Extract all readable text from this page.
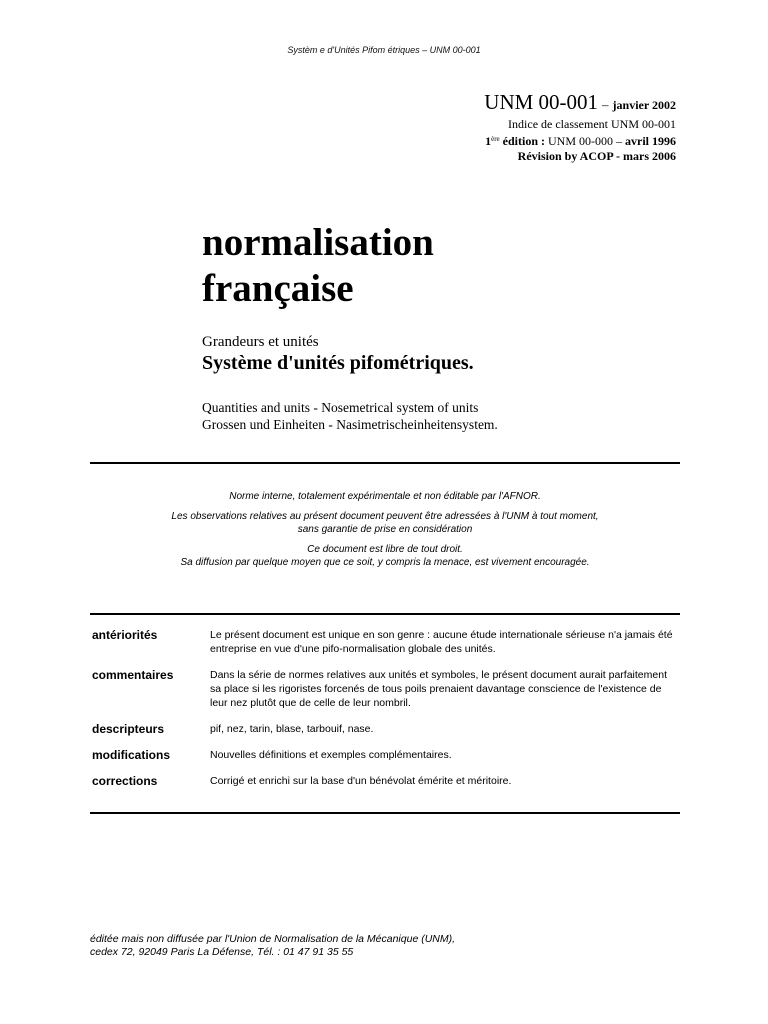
Systèm e d'Unités Pifom étriques – UNM 00-001
UNM 00-001 – janvier 2002
Indice de classement UNM 00-001
1ère édition : UNM 00-000 – avril 1996
Révision by ACOP - mars 2006
normalisation
française
Grandeurs et unités
Système d'unités pifométriques.
Quantities and units - Nosemetrical system of units
Grossen und Einheiten - Nasimetrischeinheitensystem.

Norme interne, totalement expérimentale et non éditable par l'AFNOR.

Les observations relatives au présent document peuvent être adressées à l'UNM à tout moment,
sans garantie de prise en considération

Ce document est libre de tout droit.
Sa diffusion par quelque moyen que ce soit, y compris la menace, est vivement encouragée.

antériorités	Le présent document est unique en son genre : aucune étude internationale sérieuse n'a jamais été entreprise en vue d'une pifo-normalisation globale des unités.
commentaires	Dans la série de normes relatives aux unités et symboles, le présent document aurait parfaitement sa place si les rigoristes forcenés de tous poils prenaient davantage conscience de l'existence de leur nez plutôt que de celle de leur nombril.
descripteurs	pif, nez, tarin, blase, tarbouif, nase.
modifications	Nouvelles définitions et exemples complémentaires.
corrections	Corrigé et enrichi sur la base d'un bénévolat émérite et méritoire.
éditée mais non diffusée par l'Union de Normalisation de la Mécanique (UNM),
cedex 72, 92049 Paris La Défense, Tél. : 01 47 91 35 55
